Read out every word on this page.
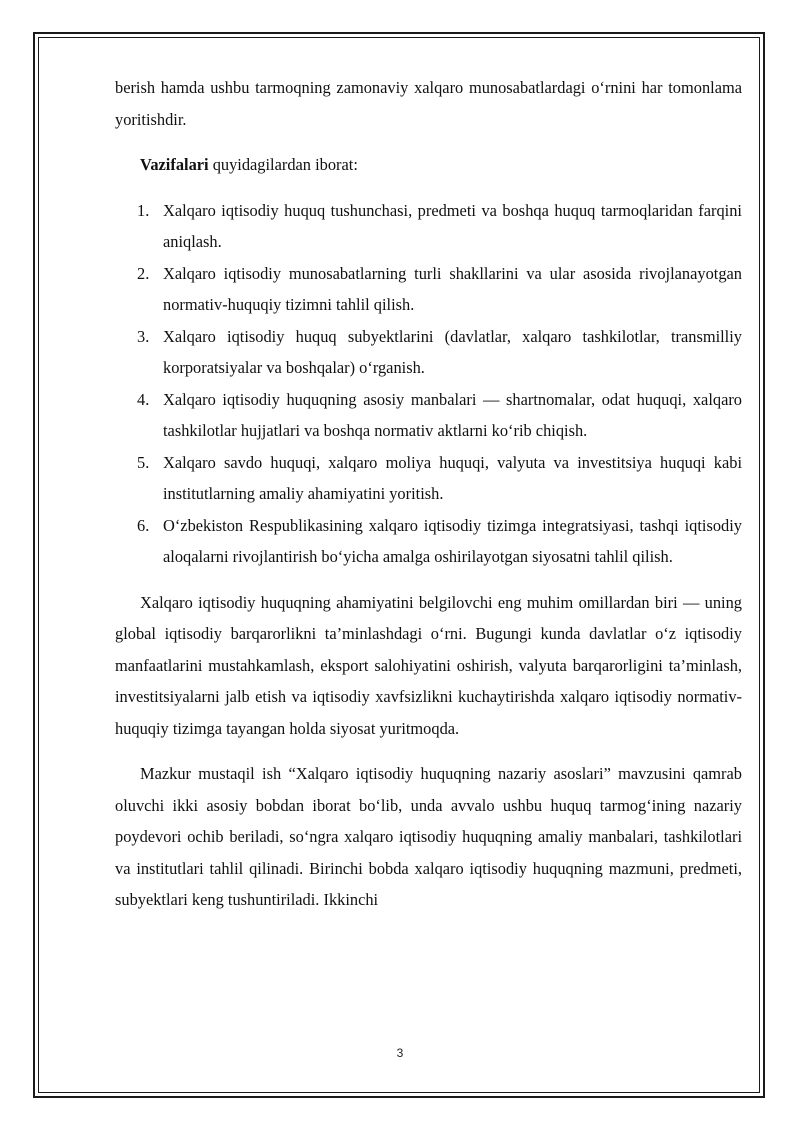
berish hamda ushbu tarmoqning zamonaviy xalqaro munosabatlardagi o‘rnini har tomonlama yoritishdir.

Vazifalari quyidagilardan iborat:

Xalqaro iqtisodiy huquq tushunchasi, predmeti va boshqa huquq tarmoqlaridan farqini aniqlash.
Xalqaro iqtisodiy munosabatlarning turli shakllarini va ular asosida rivojlanayotgan normativ-huquqiy tizimni tahlil qilish.
Xalqaro iqtisodiy huquq subyektlarini (davlatlar, xalqaro tashkilotlar, transmilliy korporatsiyalar va boshqalar) o‘rganish.
Xalqaro iqtisodiy huquqning asosiy manbalari — shartnomalar, odat huquqi, xalqaro tashkilotlar hujjatlari va boshqa normativ aktlarni ko‘rib chiqish.
Xalqaro savdo huquqi, xalqaro moliya huquqi, valyuta va investitsiya huquqi kabi institutlarning amaliy ahamiyatini yoritish.
O‘zbekiston Respublikasining xalqaro iqtisodiy tizimga integratsiyasi, tashqi iqtisodiy aloqalarni rivojlantirish bo‘yicha amalga oshirilayotgan siyosatni tahlil qilish.

Xalqaro iqtisodiy huquqning ahamiyatini belgilovchi eng muhim omillardan biri — uning global iqtisodiy barqarorlikni ta’minlashdagi o‘rni. Bugungi kunda davlatlar o‘z iqtisodiy manfaatlarini mustahkamlash, eksport salohiyatini oshirish, valyuta barqarorligini ta’minlash, investitsiyalarni jalb etish va iqtisodiy xavfsizlikni kuchaytirishda xalqaro iqtisodiy normativ-huquqiy tizimga tayangan holda siyosat yuritmoqda.

Mazkur mustaqil ish “Xalqaro iqtisodiy huquqning nazariy asoslari” mavzusini qamrab oluvchi ikki asosiy bobdan iborat bo‘lib, unda avvalo ushbu huquq tarmog‘ining nazariy poydevori ochib beriladi, so‘ngra xalqaro iqtisodiy huquqning amaliy manbalari, tashkilotlari va institutlari tahlil qilinadi. Birinchi bobda xalqaro iqtisodiy huquqning mazmuni, predmeti, subyektlari keng tushuntiriladi. Ikkinchi

3
